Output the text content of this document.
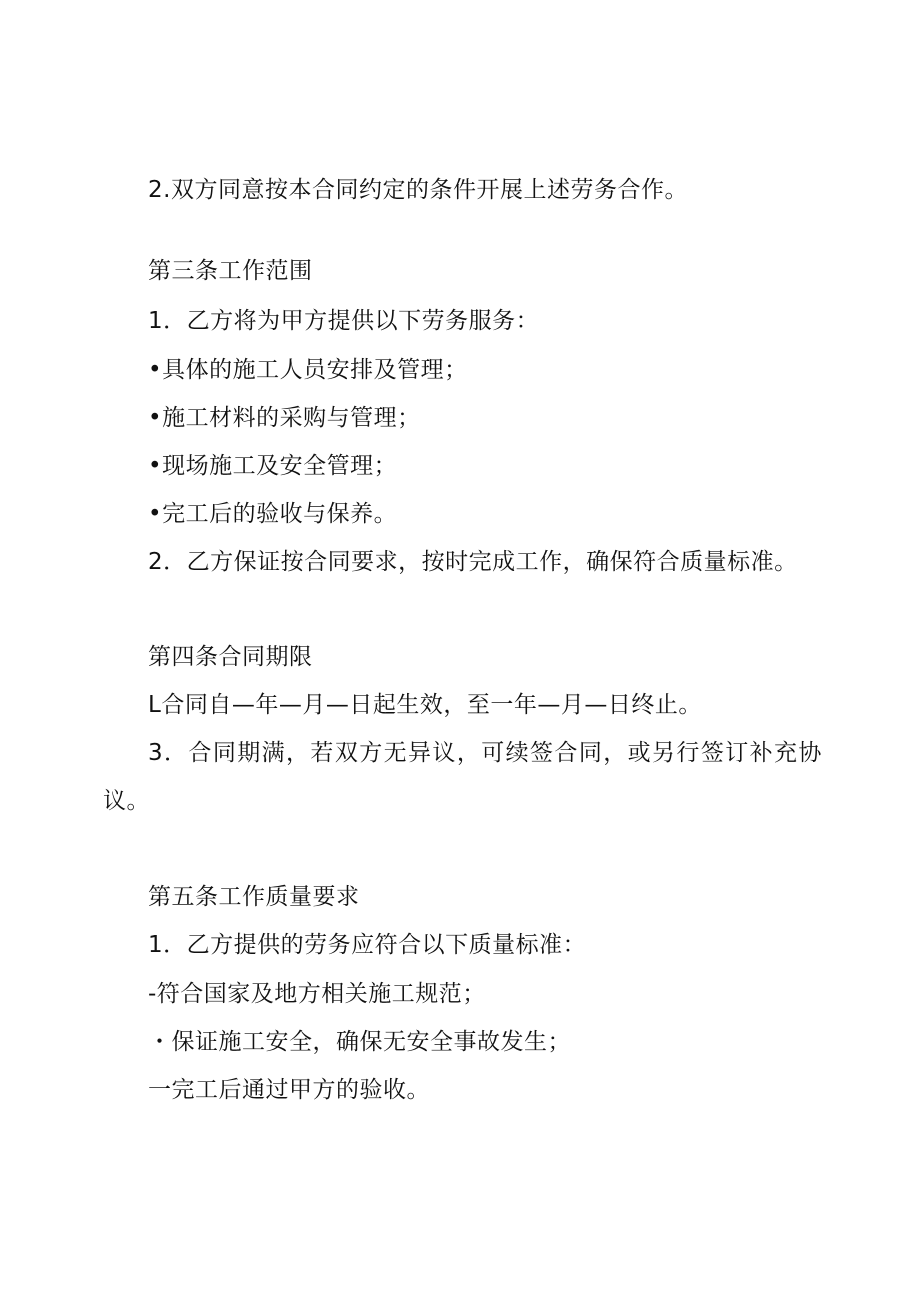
2.双方同意按本合同约定的条件开展上述劳务合作。
第三条工作范围
1．乙方将为甲方提供以下劳务服务：
•具体的施工人员安排及管理；
•施工材料的采购与管理；
•现场施工及安全管理；
•完工后的验收与保养。
2．乙方保证按合同要求，按时完成工作，确保符合质量标准。
第四条合同期限
L合同自—年—月—日起生效，至一年—月—日终止。
3．合同期满，若双方无异议，可续签合同，或另行签订补充协
议。
第五条工作质量要求
1．乙方提供的劳务应符合以下质量标准：
-符合国家及地方相关施工规范；
・保证施工安全，确保无安全事故发生；
一完工后通过甲方的验收。
